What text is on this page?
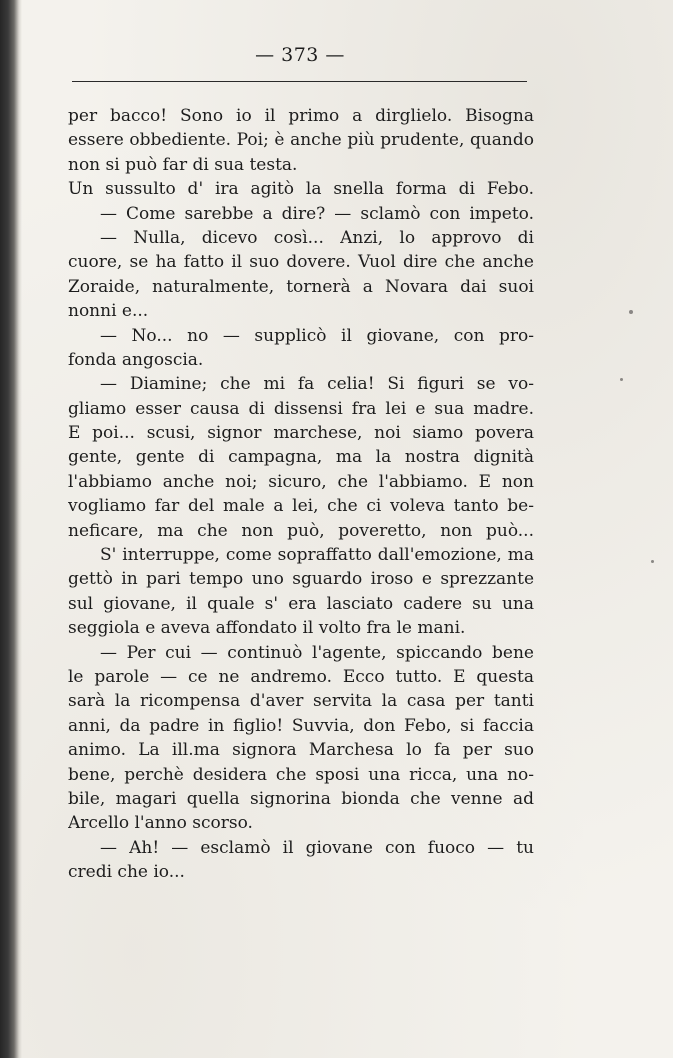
— 373 —
per bacco! Sono io il primo a dirglielo. Bisogna
essere obbediente. Poi; è anche più prudente, quando
non si può far di sua testa.
Un sussulto d' ira agitò la snella forma di Febo.
— Come sarebbe a dire? — sclamò con impeto.
— Nulla, dicevo così... Anzi, lo approvo di
cuore, se ha fatto il suo dovere. Vuol dire che anche
Zoraide, naturalmente, tornerà a Novara dai suoi
nonni e...
— No... no — supplicò il giovane, con pro-
fonda angoscia.
— Diamine; che mi fa celia! Si figuri se vo-
gliamo esser causa di dissensi fra lei e sua madre.
E poi... scusi, signor marchese, noi siamo povera
gente, gente di campagna, ma la nostra dignità
l'abbiamo anche noi; sicuro, che l'abbiamo. E non
vogliamo far del male a lei, che ci voleva tanto be-
neficare, ma che non può, poveretto, non può...
S' interruppe, come sopraffatto dall'emozione, ma
gettò in pari tempo uno sguardo iroso e sprezzante
sul giovane, il quale s' era lasciato cadere su una
seggiola e aveva affondato il volto fra le mani.
— Per cui — continuò l'agente, spiccando bene
le parole — ce ne andremo. Ecco tutto. E questa
sarà la ricompensa d'aver servita la casa per tanti
anni, da padre in figlio! Suvvia, don Febo, si faccia
animo. La ill.ma signora Marchesa lo fa per suo
bene, perchè desidera che sposi una ricca, una no-
bile, magari quella signorina bionda che venne ad
Arcello l'anno scorso.
— Ah! — esclamò il giovane con fuoco — tu
credi che io...
